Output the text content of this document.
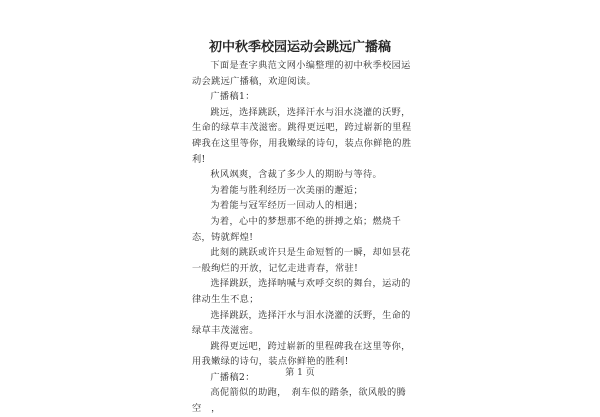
初中秋季校园运动会跳远广播稿

下面是查字典范文网小编整理的初中秋季校园运动会跳远广播稿，欢迎阅读。

广播稿1：

跳远，选择跳跃，选择汗水与泪水浇灌的沃野，生命的绿草丰茂滋密。跳得更远吧，跨过崭新的里程碑我在这里等你，用我嫩绿的诗句，装点你鲜艳的胜利!

秋风飒爽，含裁了多少人的期盼与等待。

为着能与胜利经历一次美丽的邂逅；

为着能与冠军经历一回动人的相遇；

为着，心中的梦想那不绝的拼搏之焰；燃烧千态，铸就辉煌!

此刻的跳跃或许只是生命短暂的一瞬，却如昙花一般绚烂的开放，记忆走进青春，常驻!

选择跳跃，选择呐喊与欢呼交织的舞台，运动的律动生生不息；

选择跳跃，选择汗水与泪水浇灌的沃野，生命的绿草丰茂滋密。

跳得更远吧，跨过崭新的里程碑我在这里等你，用我嫩绿的诗句，装点你鲜艳的胜利!

广播稿2：

高伲箭似的助跑，　刹车似的踏条，欲风般的腾空　，

第 1 页
